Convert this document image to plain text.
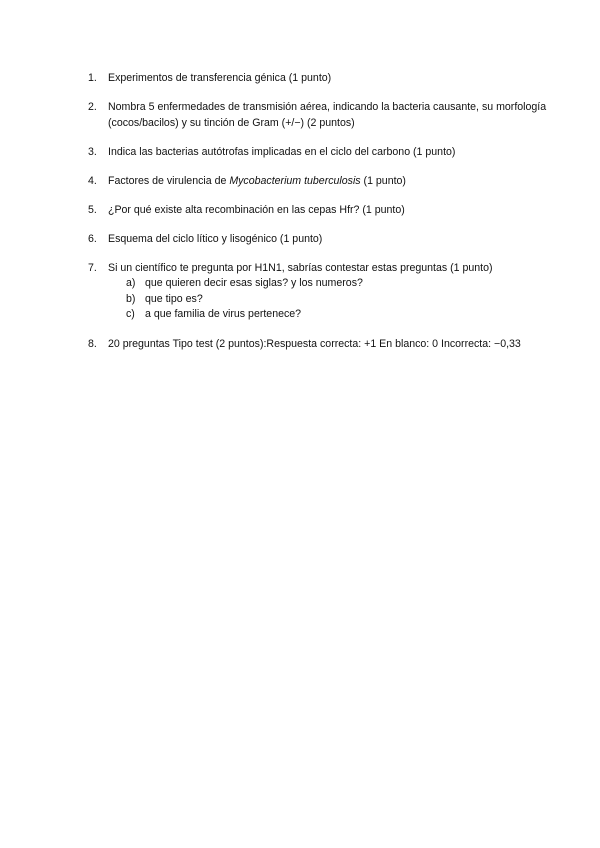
1. Experimentos de transferencia génica (1 punto)
2. Nombra 5 enfermedades de transmisión aérea, indicando la bacteria causante, su morfología (cocos/bacilos) y su tinción de Gram (+/−) (2 puntos)
3. Indica las bacterias autótrofas implicadas en el ciclo del carbono (1 punto)
4. Factores de virulencia de Mycobacterium tuberculosis (1 punto)
5. ¿Por qué existe alta recombinación en las cepas Hfr? (1 punto)
6. Esquema del ciclo lítico y lisogénico (1 punto)
7. Si un científico te pregunta por H1N1, sabrías contestar estas preguntas (1 punto)
a) que quieren decir esas siglas? y los numeros?
b) que tipo es?
c) a que familia de virus pertenece?
8. 20 preguntas Tipo test (2 puntos):Respuesta correcta: +1 En blanco: 0 Incorrecta: −0,33
